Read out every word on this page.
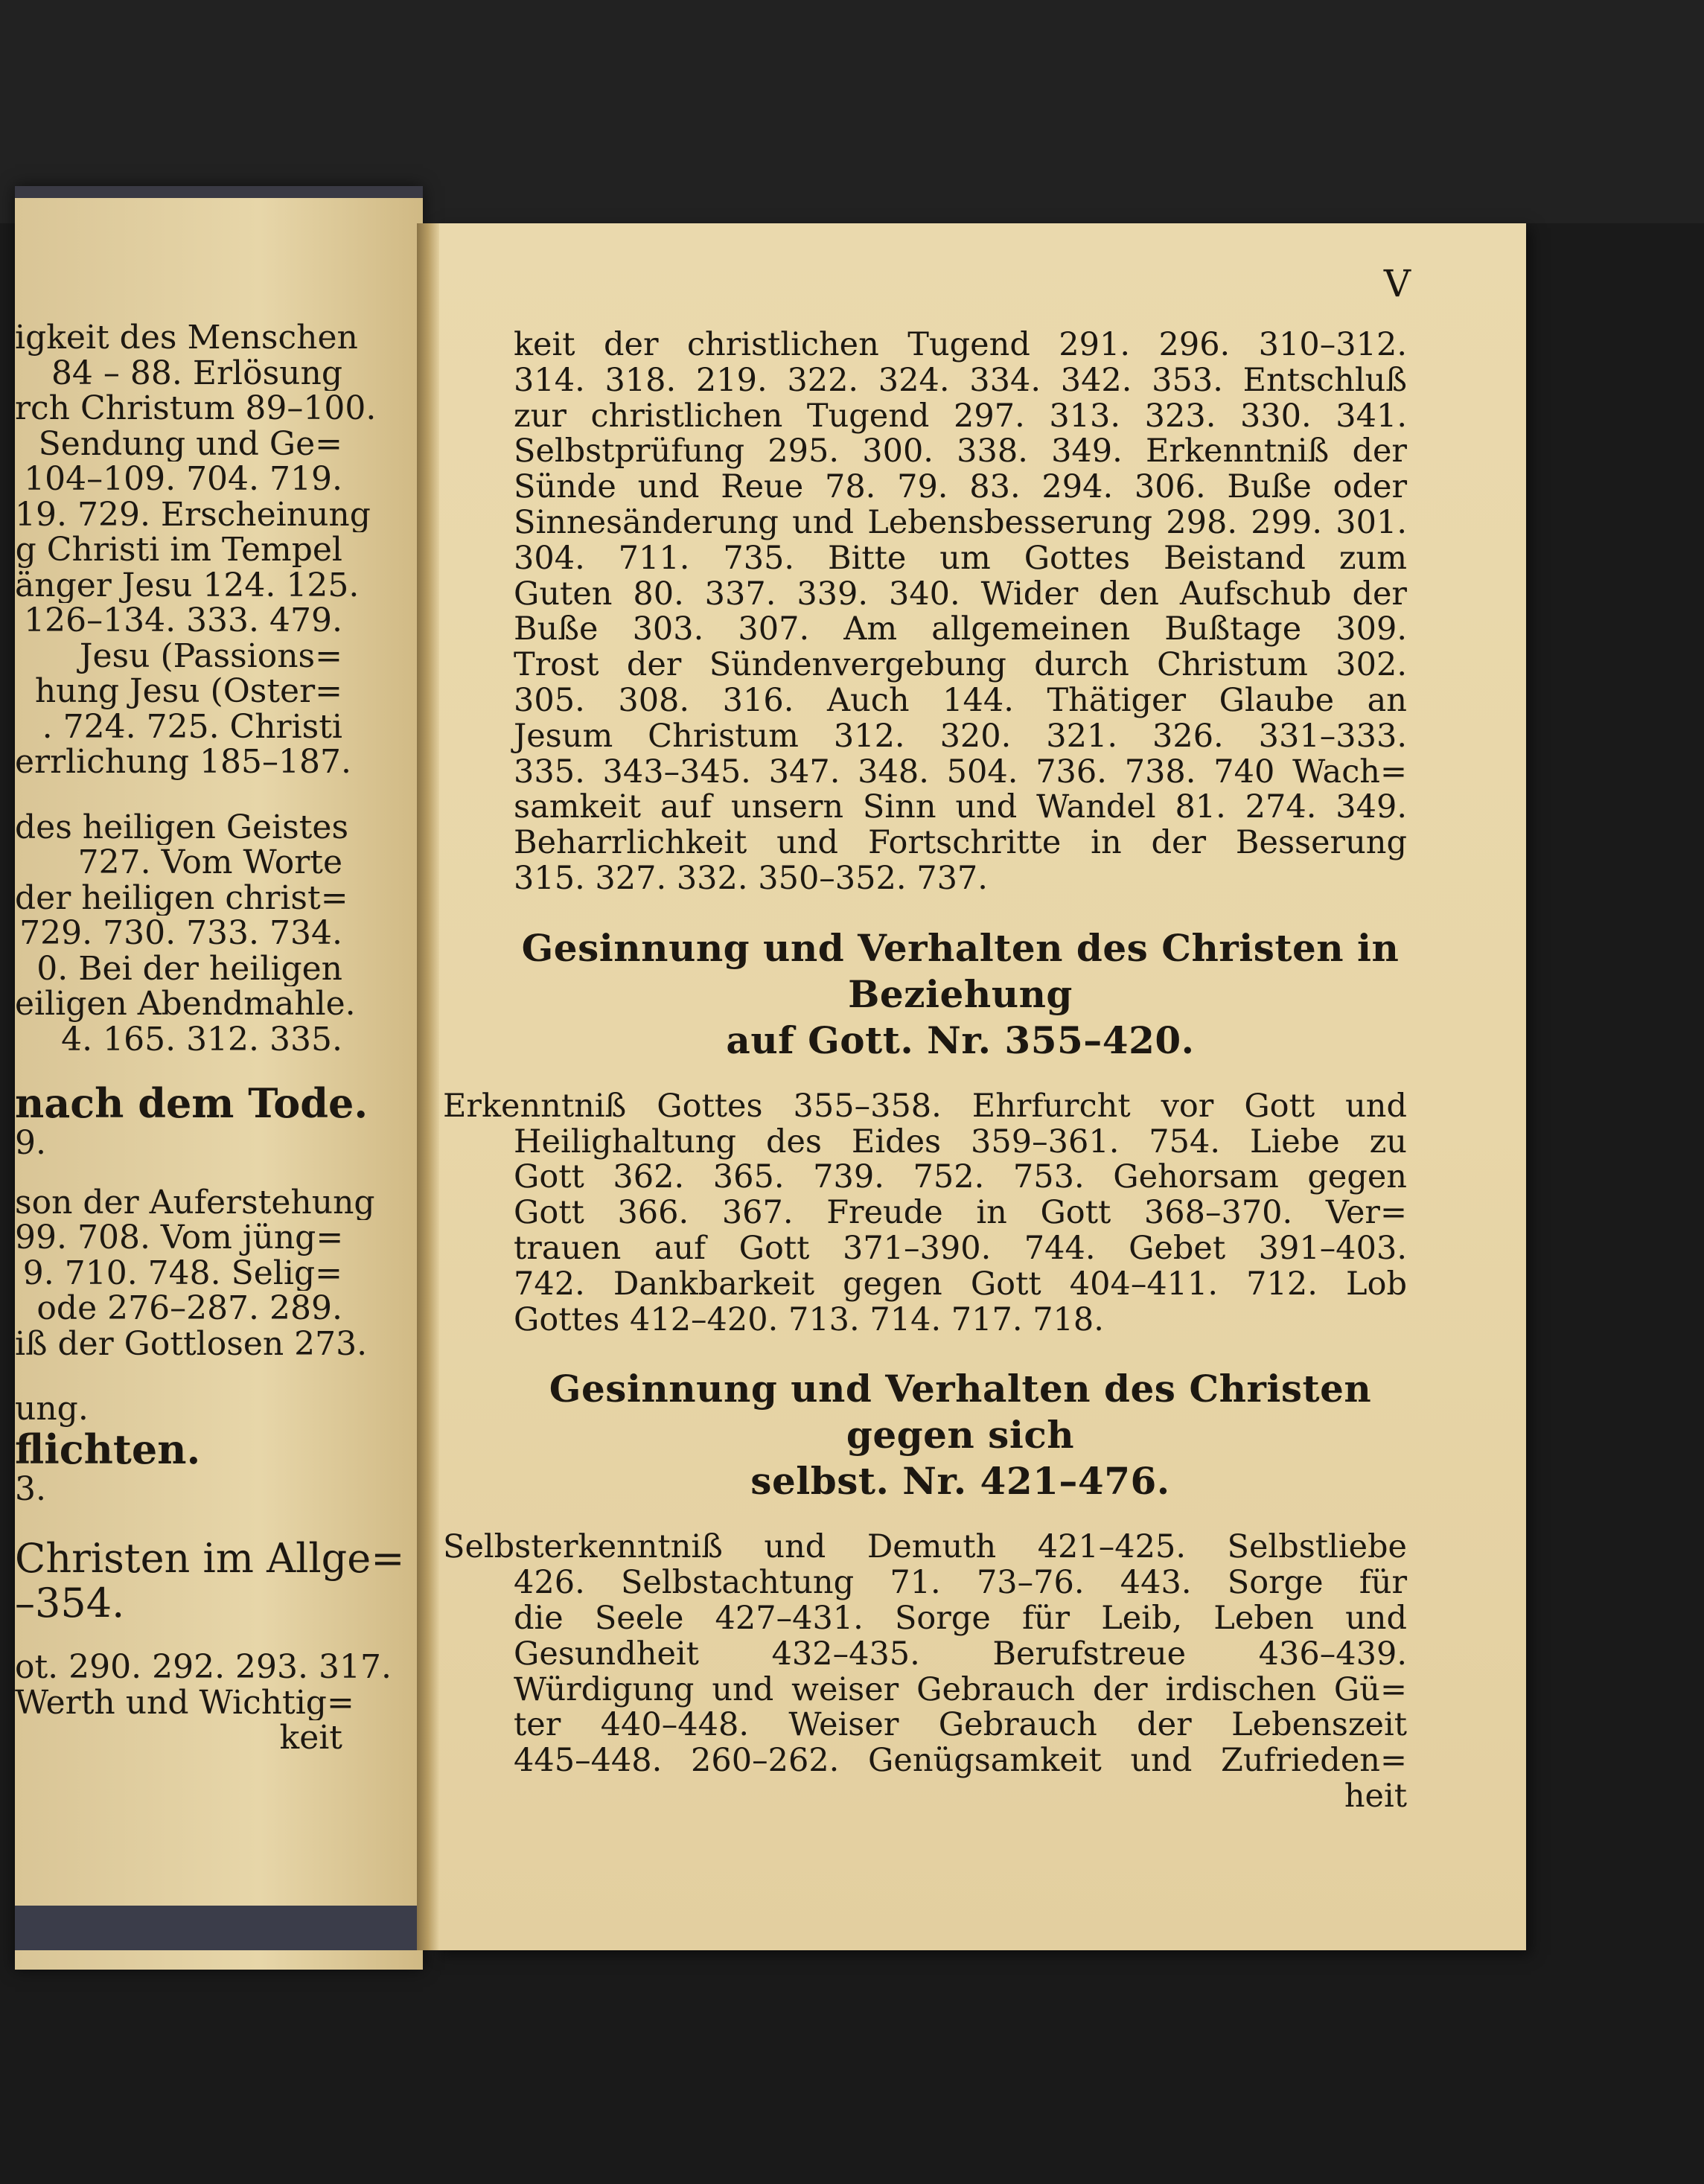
igkeit des Menschen
84 – 88. Erlösung
rch Christum 89–100.
Sendung und Ge=
104–109. 704. 719.
19. 729. Erscheinung
g Christi im Tempel
änger Jesu 124. 125.
126–134. 333. 479.
Jesu (Passions=
hung Jesu (Oster=
. 724. 725. Christi
errlichung 185–187.
des heiligen Geistes
727. Vom Worte
der heiligen christ=
729. 730. 733. 734.
0. Bei der heiligen
eiligen Abendmahle.
4. 165. 312. 335.
nach dem Tode.
9.
son der Auferstehung
99. 708. Vom jüng=
9. 710. 748. Selig=
ode 276–287. 289.
iß der Gottlosen 273.
ung.
flichten.
3.
Christen im Allge=
–354.
ot. 290. 292. 293. 317.
Werth und Wichtig=
keit
V
keit der christlichen Tugend 291. 296. 310–312.
314. 318. 219. 322. 324. 334. 342. 353. Entschluß
zur christlichen Tugend 297. 313. 323. 330. 341.
Selbstprüfung 295. 300. 338. 349. Erkenntniß der
Sünde und Reue 78. 79. 83. 294. 306. Buße oder
Sinnesänderung und Lebensbesserung 298. 299. 301.
304. 711. 735. Bitte um Gottes Beistand zum
Guten 80. 337. 339. 340. Wider den Aufschub der
Buße 303. 307. Am allgemeinen Bußtage 309.
Trost der Sündenvergebung durch Christum 302.
305. 308. 316. Auch 144. Thätiger Glaube an
Jesum Christum 312. 320. 321. 326. 331–333.
335. 343–345. 347. 348. 504. 736. 738. 740 Wach=
samkeit auf unsern Sinn und Wandel 81. 274. 349.
Beharrlichkeit und Fortschritte in der Besserung
315. 327. 332. 350–352. 737.
Gesinnung und Verhalten des Christen in Beziehung
auf Gott. Nr. 355–420.
Erkenntniß Gottes 355–358. Ehrfurcht vor Gott und
Heilighaltung des Eides 359–361. 754. Liebe zu
Gott 362. 365. 739. 752. 753. Gehorsam gegen
Gott 366. 367. Freude in Gott 368–370. Ver=
trauen auf Gott 371–390. 744. Gebet 391–403.
742. Dankbarkeit gegen Gott 404–411. 712. Lob
Gottes 412–420. 713. 714. 717. 718.
Gesinnung und Verhalten des Christen gegen sich
selbst. Nr. 421–476.
Selbsterkenntniß und Demuth 421–425. Selbstliebe
426. Selbstachtung 71. 73–76. 443. Sorge für
die Seele 427–431. Sorge für Leib, Leben und
Gesundheit 432–435. Berufstreue 436–439.
Würdigung und weiser Gebrauch der irdischen Gü=
ter 440–448. Weiser Gebrauch der Lebenszeit
445–448. 260–262. Genügsamkeit und Zufrieden=
heit
